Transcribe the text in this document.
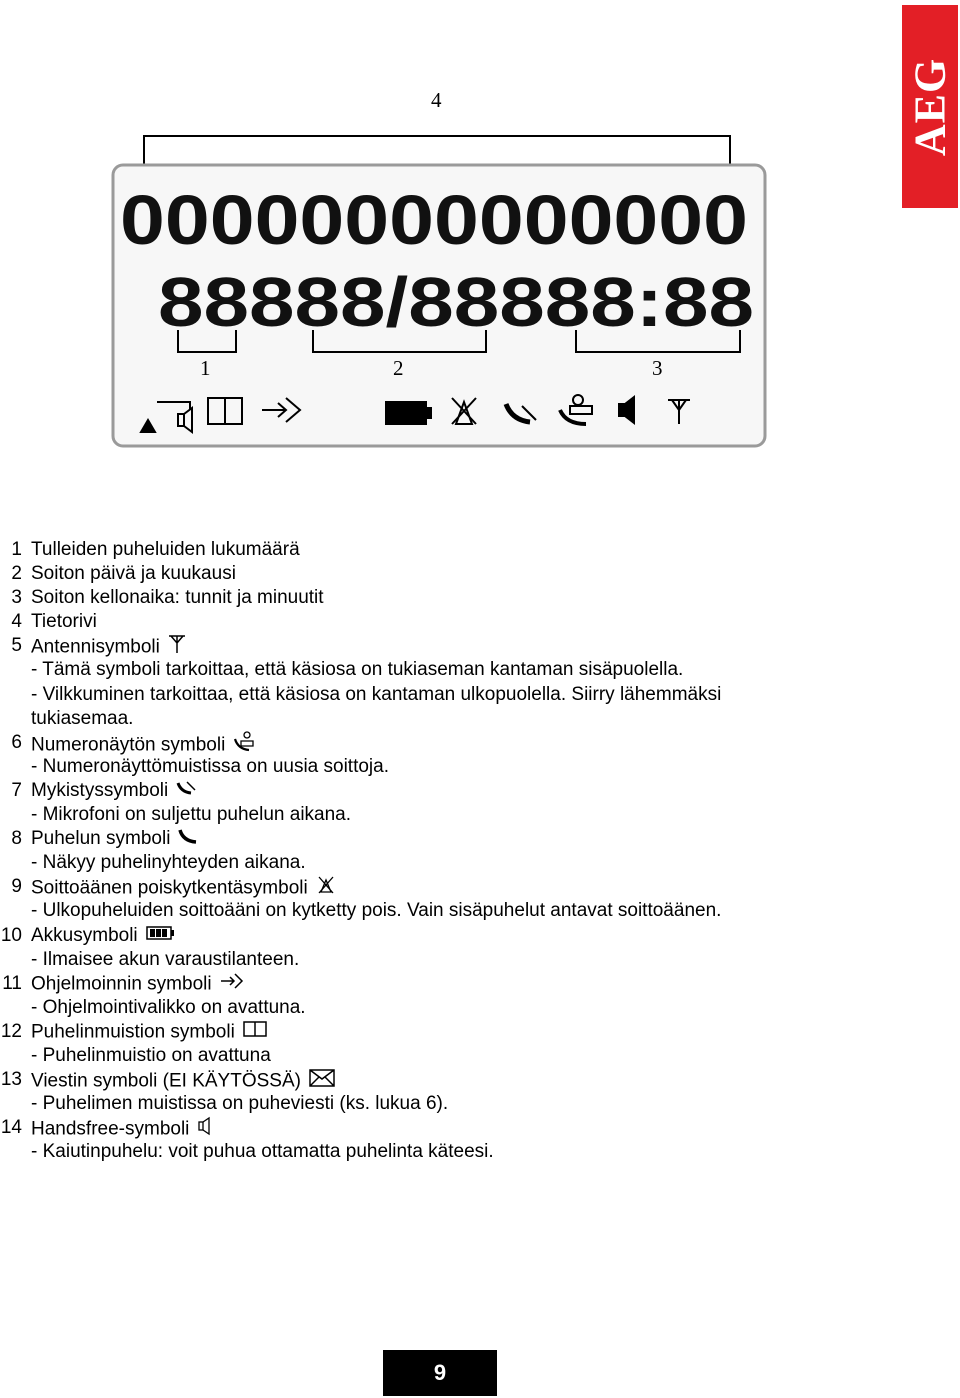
AEG
00000000000000
88888/88888:88
4
1	2	3
1 Tulleiden puheluiden lukumäärä
2 Soiton päivä ja kuukausi
3 Soiton kellonaika: tunnit ja minuutit
4 Tietorivi
5 Antennisymboli
- Tämä symboli tarkoittaa, että käsiosa on tukiaseman kantaman sisäpuolella.
- Vilkkuminen tarkoittaa, että käsiosa on kantaman ulkopuolella. Siirry lähemmäksi
tukiasemaa.
6 Numeronäytön symboli
- Numeronäyttömuistissa on uusia soittoja.
7 Mykistyssymboli
- Mikrofoni on suljettu puhelun aikana.
8 Puhelun symboli
- Näkyy puhelinyhteyden aikana.
9 Soittoäänen poiskytkentäsymboli
- Ulkopuheluiden soittoääni on kytketty pois. Vain sisäpuhelut antavat soittoäänen.
10 Akkusymboli
- Ilmaisee akun varaustilanteen.
11 Ohjelmoinnin symboli
- Ohjelmointivalikko on avattuna.
12 Puhelinmuistion symboli
- Puhelinmuistio on avattuna
13 Viestin symboli (EI KÄYTÖSSÄ)
- Puhelimen muistissa on puheviesti (ks. lukua 6).
14 Handsfree-symboli
- Kaiutinpuhelu: voit puhua ottamatta puhelinta käteesi.
9
